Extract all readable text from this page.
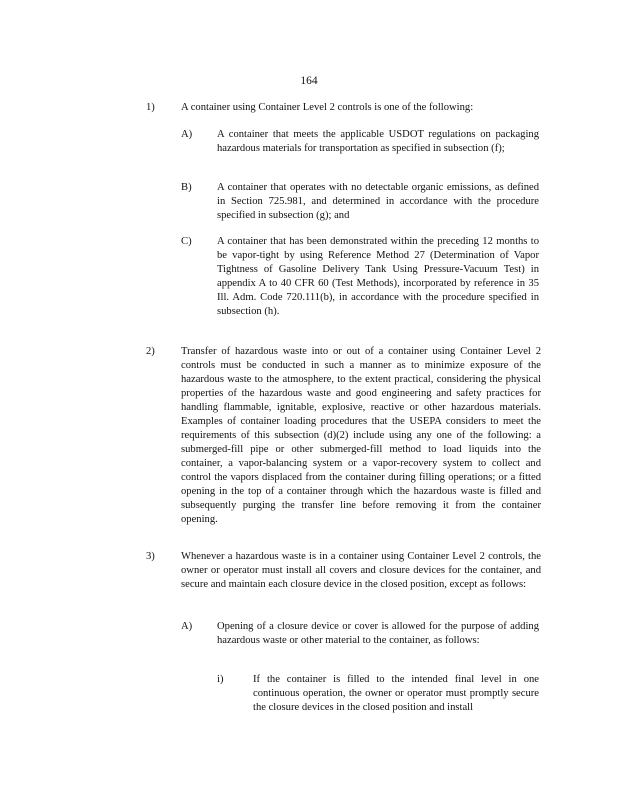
164
1) A container using Container Level 2 controls is one of the following:
A) A container that meets the applicable USDOT regulations on packaging hazardous materials for transportation as specified in subsection (f);
B) A container that operates with no detectable organic emissions, as defined in Section 725.981, and determined in accordance with the procedure specified in subsection (g); and
C) A container that has been demonstrated within the preceding 12 months to be vapor-tight by using Reference Method 27 (Determination of Vapor Tightness of Gasoline Delivery Tank Using Pressure-Vacuum Test) in appendix A to 40 CFR 60 (Test Methods), incorporated by reference in 35 Ill. Adm. Code 720.111(b), in accordance with the procedure specified in subsection (h).
2) Transfer of hazardous waste into or out of a container using Container Level 2 controls must be conducted in such a manner as to minimize exposure of the hazardous waste to the atmosphere, to the extent practical, considering the physical properties of the hazardous waste and good engineering and safety practices for handling flammable, ignitable, explosive, reactive or other hazardous materials. Examples of container loading procedures that the USEPA considers to meet the requirements of this subsection (d)(2) include using any one of the following: a submerged-fill pipe or other submerged-fill method to load liquids into the container, a vapor-balancing system or a vapor-recovery system to collect and control the vapors displaced from the container during filling operations; or a fitted opening in the top of a container through which the hazardous waste is filled and subsequently purging the transfer line before removing it from the container opening.
3) Whenever a hazardous waste is in a container using Container Level 2 controls, the owner or operator must install all covers and closure devices for the container, and secure and maintain each closure device in the closed position, except as follows:
A) Opening of a closure device or cover is allowed for the purpose of adding hazardous waste or other material to the container, as follows:
i)	If the container is filled to the intended final level in one continuous operation, the owner or operator must promptly secure the closure devices in the closed position and install
